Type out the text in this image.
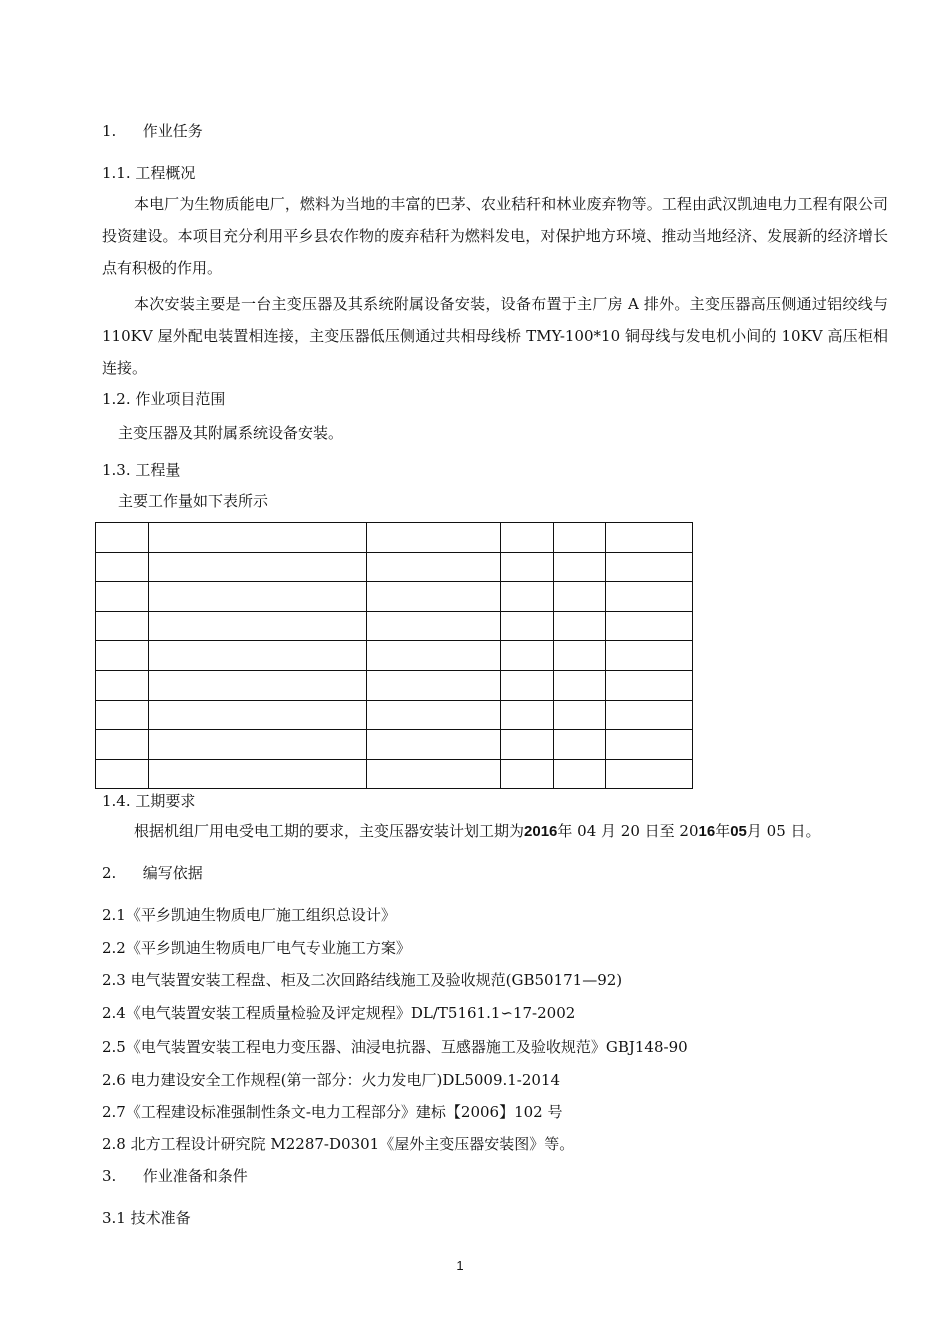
1. 作业任务
1.1. 工程概况
本电厂为生物质能电厂，燃料为当地的丰富的巴茅、农业秸秆和林业废弃物等。工程由武汉凯迪电力工程有限公司投资建设。本项目充分利用平乡县农作物的废弃秸秆为燃料发电，对保护地方环境、推动当地经济、发展新的经济增长点有积极的作用。
本次安装主要是一台主变压器及其系统附属设备安装，设备布置于主厂房 A 排外。主变压器高压侧通过铝绞线与 110KV 屋外配电装置相连接，主变压器低压侧通过共相母线桥 TMY-100*10 铜母线与发电机小间的 10KV 高压柜相连接。
1.2. 作业项目范围
主变压器及其附属系统设备安装。
1.3. 工程量
主要工作量如下表所示

1.4. 工期要求
根据机组厂用电受电工期的要求，主变压器安装计划工期为2016年 04 月 20 日至 2016年05月 05 日。
2. 编写依据
2.1《平乡凯迪生物质电厂施工组织总设计》
2.2《平乡凯迪生物质电厂电气专业施工方案》
2.3 电气装置安装工程盘、柜及二次回路结线施工及验收规范(GB50171—92)
2.4《电气装置安装工程质量检验及评定规程》DL/T5161.1∽17-2002
2.5《电气装置安装工程电力变压器、油浸电抗器、互感器施工及验收规范》GBJ148-90
2.6 电力建设安全工作规程(第一部分：火力发电厂)DL5009.1-2014
2.7《工程建设标准强制性条文-电力工程部分》建标【2006】102 号
2.8 北方工程设计研究院 M2287-D0301《屋外主变压器安装图》等。
3. 作业准备和条件
3.1 技术准备
1
